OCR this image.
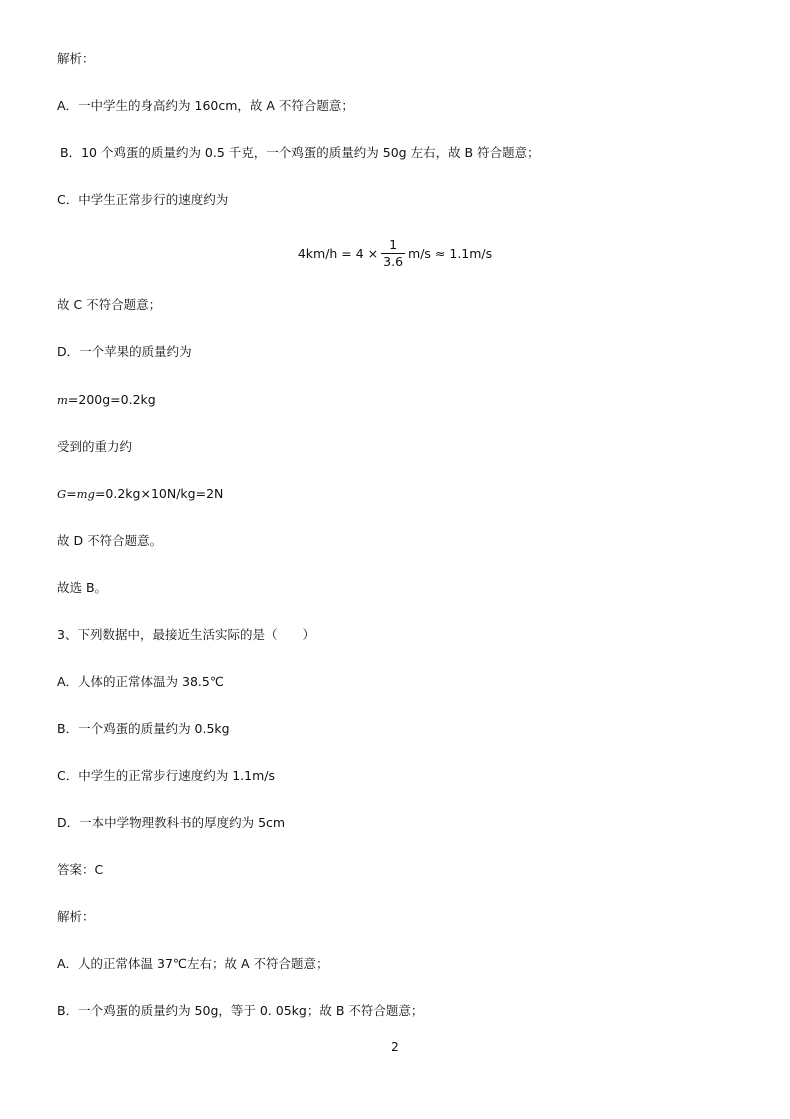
解析：
A．一中学生的身高约为 160cm，故 A 不符合题意；
B．10 个鸡蛋的质量约为 0.5 千克，一个鸡蛋的质量约为 50g 左右，故 B 符合题意；
C．中学生正常步行的速度约为
$4km/h = 4 \times \frac{1}{3.6} m/s \approx 1.1m/s$
故 C 不符合题意；
D．一个苹果的质量约为
m=200g=0.2kg
受到的重力约
G=mg=0.2kg×10N/kg=2N
故 D 不符合题意。
故选 B。
3、下列数据中，最接近生活实际的是（　　）
A．人体的正常体温为 38.5℃
B．一个鸡蛋的质量约为 0.5kg
C．中学生的正常步行速度约为 1.1m/s
D．一本中学物理教科书的厚度约为 5cm
答案：C
解析：
A．人的正常体温 37℃左右；故 A 不符合题意；
B．一个鸡蛋的质量约为 50g，等于 0. 05kg；故 B 不符合题意；
2
